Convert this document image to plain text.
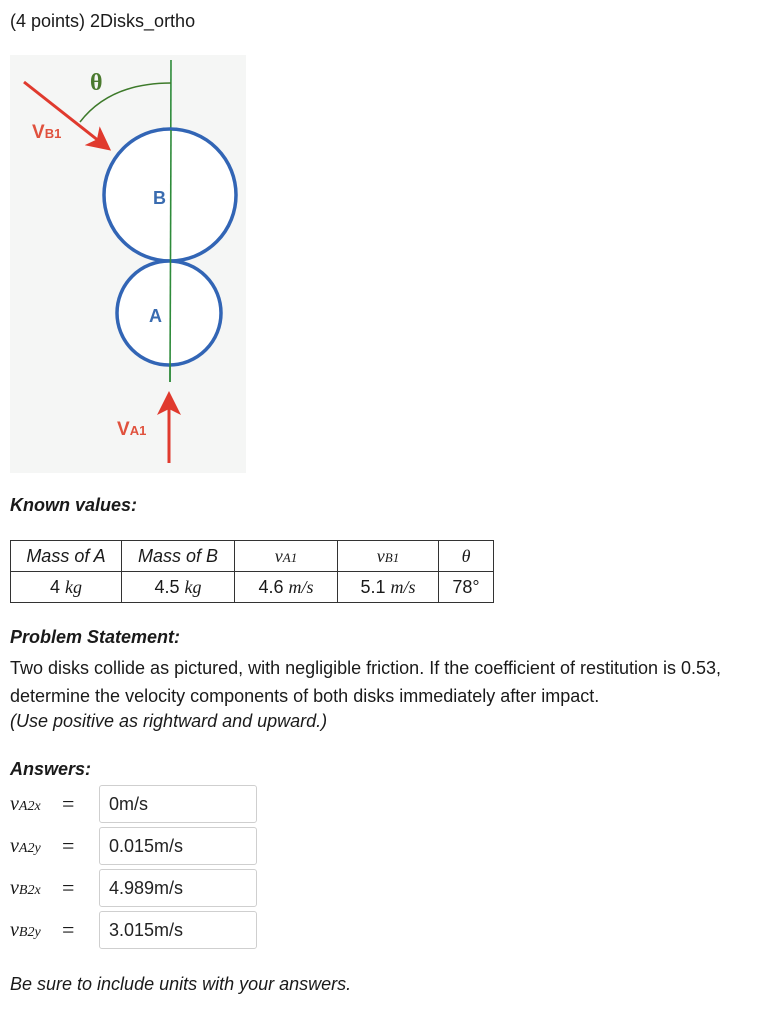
(4 points) 2Disks_ortho
θ
VB1
B
A
VA1
Known values:
Mass of A	Mass of B	vA1	vB1	θ
4 kg	4.5 kg	4.6 m/s	5.1 m/s	78°
Problem Statement:
Two disks collide as pictured, with negligible friction. If the coefficient of restitution is 0.53, determine the velocity components of both disks immediately after impact.
(Use positive as rightward and upward.)
Answers:
vA2x =
0m/s
vA2y =
0.015m/s
vB2x =
4.989m/s
vB2y =
3.015m/s
Be sure to include units with your answers.
